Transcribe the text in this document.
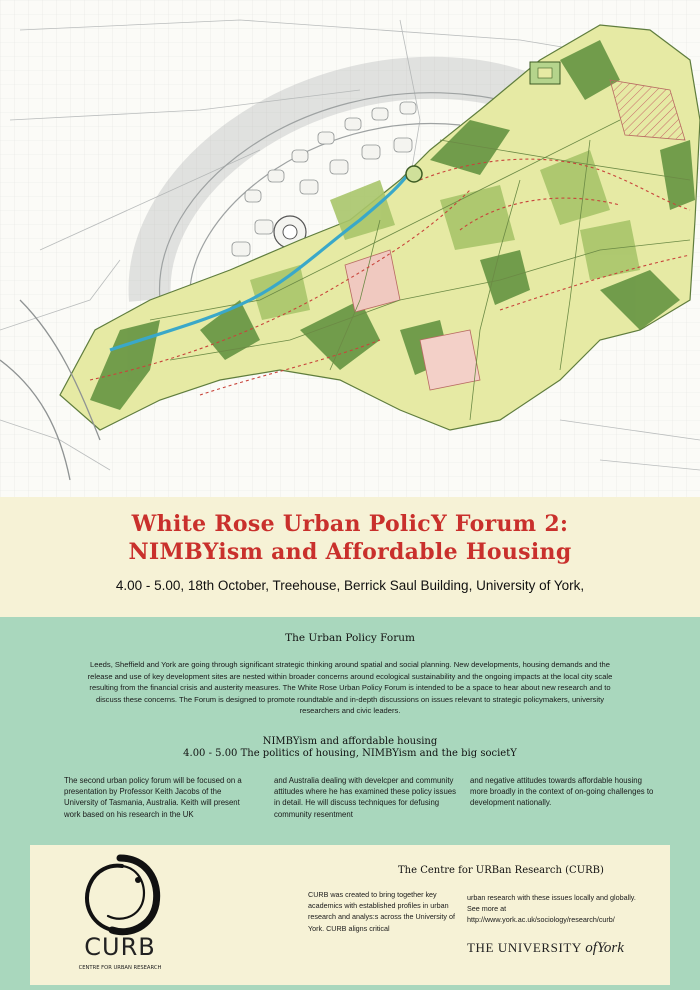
White Rose Urban PolicY Forum 2:
NIMBYism and Affordable Housing
4.00 - 5.00, 18th October, Treehouse, Berrick Saul Building, University of York,
The Urban Policy Forum
Leeds, Sheffield and York are going through significant strategic thinking around spatial and social planning. New developments, housing demands and the release and use of key development sites are nested within broader concerns around ecological sustainability and the ongoing impacts at the local city scale resulting from the financial crisis and austerity measures. The White Rose Urban Policy Forum is intended to be a space to hear about new research and to discuss these concerns. The Forum is designed to promote roundtable and in-depth discussions on issues relevant to strategic policymakers, university researchers and civic leaders.
NIMBYism and affordable housing
4.00 - 5.00 The politics of housing, NIMBYism and the big societY
The second urban policy forum will be focused on a presentation by Professor Keith Jacobs of the University of Tasmania, Australia. Keith will present work based on his research in the UK
and Australia dealing with develcper and community attitudes where he has examined these policy issues in detail. He will discuss techniques for defusing community resentment
and negative attitudes towards affordable housing more broadly in the context of on-going challenges to development nationally.
CURB
CENTRE FOR URBAN RESEARCH
The Centre for URBan Research (CURB)
CURB was created to bring together key academics with established profiles in urban research and analys:s across the University of York. CURB aligns critical
urban research with these issues locally and globally.
See more at
http://www.york.ac.uk/sociology/research/curb/
THE UNIVERSITY ofYork
